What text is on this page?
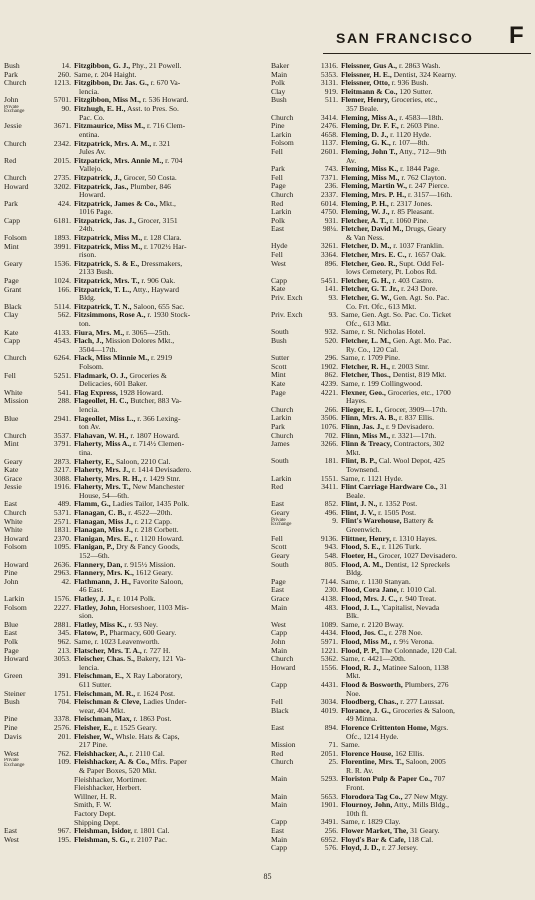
SAN FRANCISCO F
Bush	14. Fitzgibbon, G. J., Phy., 21 Powell.
Park	260. Same, r. 204 Haight.
Church	1213. Fitzgibbon, Dr. Jas. G., r. 670 Va-
lencia.
John	5701. Fitzgibbon, Miss M., r. 536 Howard.
Private
Exchange	90. Fitzhugh, E. H., Asst. to Pres. So.
Pac. Co.
Jessie	3671. Fitzmaurice, Miss M., r. 716 Clem-
entina.
Church	2342. Fitzpatrick, Mrs. A. M., r. 321
Jules Av.
Red	2015. Fitzpatrick, Mrs. Annie M., r. 704
Vallejo.
Church	2735. Fitzpatrick, J., Grocer, 50 Costa.
Howard	3202. Fitzpatrick, Jas., Plumber, 846
Howard.
Park	424. Fitzpatrick, James & Co., Mkt.,
1016 Page.
Capp	6181. Fitzpatrick, Jas. J., Grocer, 3151
24th.
Folsom	1893. Fitzpatrick, Miss M., r. 128 Clara.
Mint	3991. Fitzpatrick, Miss M., r. 1702½ Har-
rison.
Geary	1536. Fitzpatrick, S. & E., Dressmakers,
2133 Bush.
Page	1024. Fitzpatrick, Mrs. T., r. 906 Oak.
Grant	166. Fitzpatrick, T. L., Atty., Hayward
Bldg.
Black	5114. Fitzpatrick, T. N., Saloon, 655 Sac.
Clay	562. Fitzsimmons, Rose A., r. 1930 Stock-
ton.
Kate	4133. Fiura, Mrs. M., r. 3065—25th.
Capp	4543. Flach, J., Mission Dolores Mkt.,
3504—17th.
Church	6264. Flack, Miss Minnie M., r. 2919
Folsom.
Fell	5251. Fladmark, O. J., Groceries &
Delicacies, 601 Baker.
White	541. Flag Express, 1928 Howard.
Mission	288. Flageollet, H. C., Butcher, 883 Va-
lencia.
Blue	2941. Flageollet, Miss L., r. 366 Lexing-
ton Av.
Church	3537. Flahavan, W. H., r. 1807 Howard.
Mint	3791. Flaherty, Miss A., r. 714½ Clemen-
tina.
Geary	2873. Flaherty, E., Saloon, 2210 Cal.
Kate	3217. Flaherty, Mrs. J., r. 1414 Devisadero.
Grace	3088. Flaherty, Mrs. R. H., r. 1429 Stnr.
Jessie	1916. Flaherty, Mrs. T., New Manchester
House, 54—6th.
East	489. Flamm, G., Ladies Tailor, 1435 Polk.
Church	5371. Flanagan, C. B., r. 4522—20th.
White	2571. Flanagan, Miss J., r. 212 Capp.
White	1831. Flanagan, Miss J., r. 218 Corbett.
Howard	2370. Flanigan, Mrs. E., r. 1120 Howard.
Folsom	1095. Flanigan, P., Dry & Fancy Goods,
152—6th.
Howard	2636. Flannery, Dan, r. 915½ Mission.
Pine	2963. Flannery, Mrs. K., 1612 Geary.
John	42. Flathmann, J. H., Favorite Saloon,
46 East.
Larkin	1576. Flatley, J. J., r. 1014 Polk.
Folsom	2227. Flatley, John, Horseshoer, 1103 Mis-
sion.
Blue	2881. Flatley, Miss K., r. 93 Ney.
East	345. Flatow, P., Pharmacy, 600 Geary.
Polk	962. Same, r. 1023 Leavenworth.
Page	213. Flatscher, Mrs. T. A., r. 727 H.
Howard	3053. Fleischer, Chas. S., Bakery, 121 Va-
lencia.
Green	391. Fleischman, E., X Ray Laboratory,
611 Sutter.
Steiner	1751. Fleischman, M. R., r. 1624 Post.
Bush	704. Fleischman & Cleve, Ladies Under-
wear, 404 Mkt.
Pine	3378. Fleischman, Max, r. 1863 Post.
Pine	2576. Fleisher, E., r. 1525 Geary.
Davis	201. Fleisher, W., Whsle. Hats & Caps,
217 Pine.
West	762. Fleishhacker, A., r. 2110 Cal.
Private
Exchange	109. Fleishhacker, A. & Co., Mfrs. Paper
& Paper Boxes, 520 Mkt.
Fleishhacker, Mortimer.
Fleishhacker, Herbert.
Willner, H. R.
Smith, F. W.
Factory Dept.
Shipping Dept.
East	967. Fleishman, Isidor, r. 1801 Cal.
West	195. Fleishman, S. G., r. 2107 Pac.
Baker	1316. Fleissner, Gus A., r. 2863 Wash.
Main	5353. Fleissner, H. E., Dentist, 324 Kearny.
Polk	3131. Fleissner, Otto, r. 936 Bush.
Clay	919. Fleitmann & Co., 120 Sutter.
Bush	511. Flemer, Henry, Groceries, etc.,
357 Beale.
Church	3414. Fleming, Miss A., r. 4583—18th.
Pine	2476. Fleming, Dr. F. F., r. 2603 Pine.
Larkin	4658. Fleming, D. J., r. 1120 Hyde.
Folsom	1137. Fleming, G. K., r. 107—8th.
Fell	2601. Fleming, John T., Atty., 712—9th
Av.
Park	743. Fleming, Miss K., r. 1844 Page.
Fell	7371. Fleming, Miss M., r. 762 Clayton.
Page	236. Fleming, Martin W., r. 247 Pierce.
Church	2337. Fleming, Mrs. P. H., r. 3157—16th.
Red	6014. Fleming, P. H., r. 2317 Jones.
Larkin	4750. Fleming, W. J., r. 85 Pleasant.
Polk	931. Fletcher, A. T., r. 1060 Pine.
East	98¼. Fletcher, David M., Drugs, Geary
& Van Ness.
Hyde	3261. Fletcher, D. M., r. 1037 Franklin.
Fell	3364. Fletcher, Mrs. E. C., r. 1657 Oak.
West	896. Fletcher, Geo. R., Supt. Odd Fel-
lows Cemetery, Pt. Lobos Rd.
Capp	5451. Fletcher, G. H., r. 403 Castro.
Kate	141. Fletcher, G. T. Jr., r. 243 Dore.
Priv. Exch	93. Fletcher, G. W., Gen. Agt. So. Pac.
Co. Frt. Ofc., 613 Mkt.
Priv. Exch	93. Same, Gen. Agt. So. Pac. Co. Ticket
Ofc., 613 Mkt.
South	932. Same, r. St. Nicholas Hotel.
Bush	520. Fletcher, L. M., Gen. Agt. Mo. Pac.
Ry. Co., 120 Cal.
Sutter	296. Same, r. 1709 Pine.
Scott	1902. Fletcher, R. H., r. 2003 Stnr.
Mint	862. Fletcher, Thos., Dentist, 819 Mkt.
Kate	4239. Same, r. 199 Collingwood.
Page	4221. Flexner, Geo., Groceries, etc., 1700
Hayes.
Church	266. Flieger, E. I., Grocer, 3909—17th.
Larkin	3506. Flinn, Mrs. A. B., r. 837 Ellis.
Park	1076. Flinn, Jas. J., r. 9 Devisadero.
Church	702. Flinn, Miss M., r. 3321—17th.
James	3266. Flinn & Treacy, Contractors, 302
Mkt.
South	181. Flint, B. P., Cal. Wool Depot, 425
Townsend.
Larkin	1551. Same, r. 1121 Hyde.
Red	3411. Flint Carriage Hardware Co., 31
Beale.
East	852. Flint, J. N., r. 1352 Post.
Geary	496. Flint, J. V., r. 1505 Post.
Private
Exchange	9. Flint's Warehouse, Battery &
Greenwich.
Fell	9136. Flittner, Henry, r. 1310 Hayes.
Scott	943. Flood, S. E., r. 1126 Turk.
Geary	548. Floeter, H., Grocer, 1027 Devisadero.
South	805. Flood, A. M., Dentist, 12 Spreckels
Bldg.
Page	7144. Same, r. 1130 Stanyan.
East	230. Flood, Cora Jane, r. 1010 Cal.
Grace	4138. Flood, Mrs. J. C., r. 940 Treat.
Main	483. Flood, J. L., 'Capitalist, Nevada
Blk.
West	1089. Same, r. 2120 Bway.
Capp	4434. Flood, Jos. C., r. 278 Noe.
John	5971. Flood, Miss M., r. 9½ Verona.
Main	1221. Flood, P. P., The Colonnade, 120 Cal.
Church	5362. Same, r. 4421—20th.
Howard	1556. Flood, R. J., Matinee Saloon, 1138
Mkt.
Capp	4431. Flood & Bosworth, Plumbers, 276
Noe.
Fell	3034. Floodberg, Chas., r. 277 Laussat.
Black	4019. Florance, J. G., Groceries & Saloon,
49 Minna.
East	894. Florence Crittenton Home, Mgrs.
Ofc., 1214 Hyde.
Mission	71. Same.
Red	2051. Florence House, 162 Ellis.
Church	25. Florentine, Mrs. T., Saloon, 2005
R. R. Av.
Main	5293. Floriston Pulp & Paper Co., 707
Front.
Main	5653. Florodora Tag Co., 27 New Mtgy.
Main	1901. Flournoy, John, Atty., Mills Bldg.,
10th fl.
Capp	3491. Same, r. 1829 Clay.
East	256. Flower Market, The, 31 Geary.
Main	6952. Floyd's Bar & Cafe, 118 Cal.
Capp	576. Floyd, J. D., r. 27 Jersey.
85
